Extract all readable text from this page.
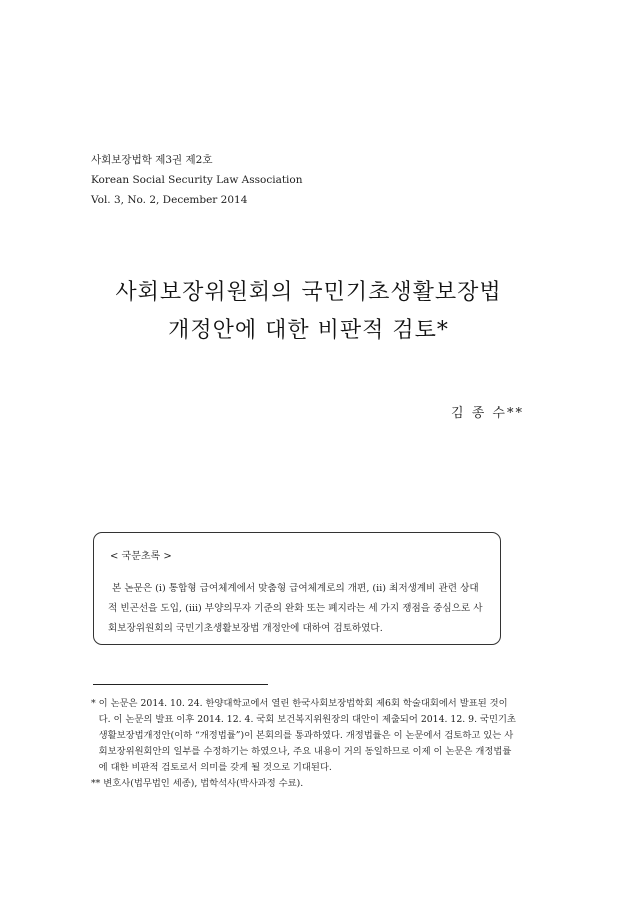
사회보장법학 제3권 제2호
Korean Social Security Law Association
Vol. 3, No. 2, December 2014
사회보장위원회의 국민기초생활보장법
개정안에 대한 비판적 검토*
김 종 수**
< 국문초록 >
본 논문은 (ⅰ) 통합형 급여체계에서 맞춤형 급여체계로의 개편, (ⅱ) 최저생계비 관련 상대적 빈곤선을 도입, (ⅲ) 부양의무자 기준의 완화 또는 폐지라는 세 가지 쟁점을 중심으로 사회보장위원회의 국민기초생활보장법 개정안에 대하여 검토하였다.
* 이 논문은 2014. 10. 24. 한양대학교에서 열린 한국사회보장법학회 제6회 학술대회에서 발표된 것이다. 이 논문의 발표 이후 2014. 12. 4. 국회 보건복지위원장의 대안이 제출되어 2014. 12. 9. 국민기초생활보장법개정안(이하 “개정법률”)이 본회의를 통과하였다. 개정법률은 이 논문에서 검토하고 있는 사회보장위원회안의 일부를 수정하기는 하였으나, 주요 내용이 거의 동일하므로 이제 이 논문은 개정법률에 대한 비판적 검토로서 의미를 갖게 될 것으로 기대된다.
** 변호사(법무법인 세종), 법학석사(박사과정 수료).
